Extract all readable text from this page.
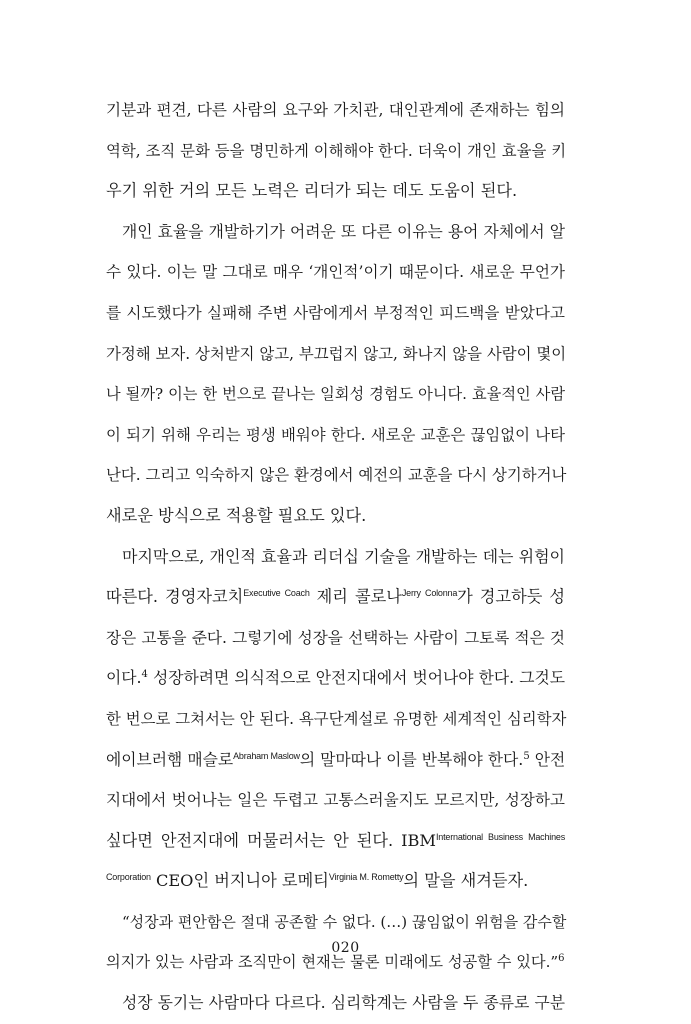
기분과 편견, 다른 사람의 요구와 가치관, 대인관계에 존재하는 힘의
역학, 조직 문화 등을 명민하게 이해해야 한다. 더욱이 개인 효율을 키
우기 위한 거의 모든 노력은 리더가 되는 데도 도움이 된다.
개인 효율을 개발하기가 어려운 또 다른 이유는 용어 자체에서 알
수 있다. 이는 말 그대로 매우 ‘개인적’이기 때문이다. 새로운 무언가
를 시도했다가 실패해 주변 사람에게서 부정적인 피드백을 받았다고
가정해 보자. 상처받지 않고, 부끄럽지 않고, 화나지 않을 사람이 몇이
나 될까? 이는 한 번으로 끝나는 일회성 경험도 아니다. 효율적인 사람
이 되기 위해 우리는 평생 배워야 한다. 새로운 교훈은 끊임없이 나타
난다. 그리고 익숙하지 않은 환경에서 예전의 교훈을 다시 상기하거나
새로운 방식으로 적용할 필요도 있다.
마지막으로, 개인적 효율과 리더십 기술을 개발하는 데는 위험이
따른다. 경영자코치$^{Executive Coach}$ 제리 콜로나$^{Jerry Colonna}$가 경고하듯 성
장은 고통을 준다. 그렇기에 성장을 선택하는 사람이 그토록 적은 것
이다.$^4$ 성장하려면 의식적으로 안전지대에서 벗어나야 한다. 그것도
한 번으로 그쳐서는 안 된다. 욕구단계설로 유명한 세계적인 심리학자
에이브러햄 매슬로$^{Abraham Maslow}$의 말마따나 이를 반복해야 한다.$^5$ 안전
지대에서 벗어나는 일은 두렵고 고통스러울지도 모르지만, 성장하고
싶다면 안전지대에 머물러서는 안 된다. IBM$^{International Business Machines}$
$^{Corporation}$ CEO인 버지니아 로메티$^{Virginia M. Rometty}$의 말을 새겨듣자.
“성장과 편안함은 절대 공존할 수 없다. (…) 끊임없이 위험을 감수할
의지가 있는 사람과 조직만이 현재는 물론 미래에도 성공할 수 있다.”$^6$
성장 동기는 사람마다 다르다. 심리학계는 사람을 두 종류로 구분
020
